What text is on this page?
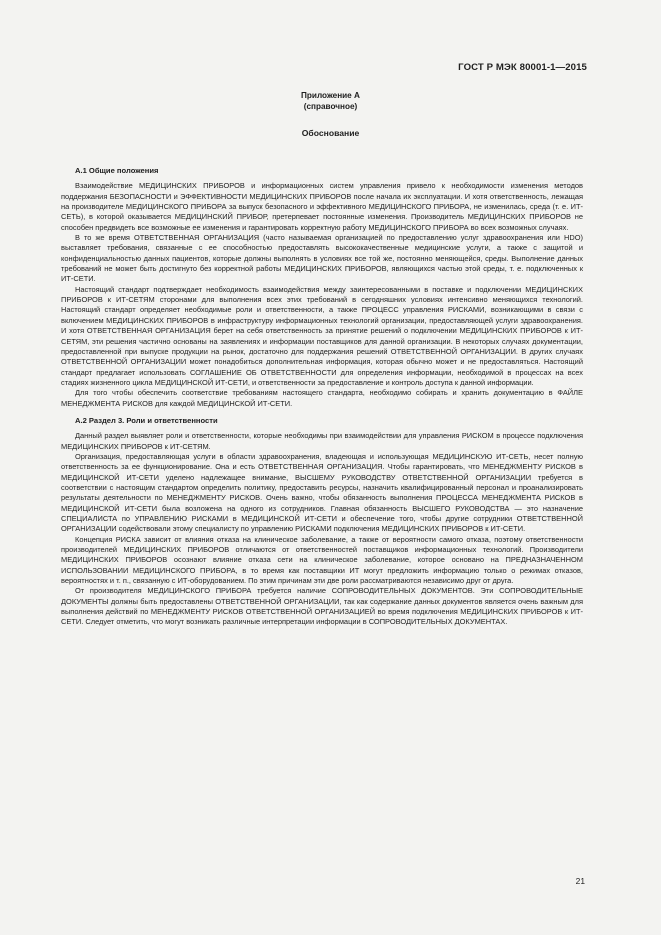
ГОСТ Р МЭК 80001-1—2015
Приложение А
(справочное)
Обоснование
А.1 Общие положения

Взаимодействие МЕДИЦИНСКИХ ПРИБОРОВ и информационных систем управления привело к необходимости изменения методов поддержания БЕЗОПАСНОСТИ и ЭФФЕКТИВНОСТИ МЕДИЦИНСКИХ ПРИБОРОВ после начала их эксплуатации. И хотя ответственность, лежащая на производителе МЕДИЦИНСКОГО ПРИБОРА за выпуск безопасного и эффективного МЕДИЦИНСКОГО ПРИБОРА, не изменилась, среда (т. е. ИТ-СЕТЬ), в которой оказывается МЕДИЦИНСКИЙ ПРИБОР, претерпевает постоянные изменения. Производитель МЕДИЦИНСКИХ ПРИБОРОВ не способен предвидеть все возможные ее изменения и гарантировать корректную работу МЕДИЦИНСКОГО ПРИБОРА во всех возможных случаях.

В то же время ОТВЕТСТВЕННАЯ ОРГАНИЗАЦИЯ (часто называемая организацией по предоставлению услуг здравоохранения или HDO) выставляет требования, связанные с ее способностью предоставлять высококачественные медицинские услуги, а также с защитой и конфиденциальностью данных пациентов, которые должны выполнять в условиях все той же, постоянно меняющейся, среды. Выполнение данных требований не может быть достигнуто без корректной работы МЕДИЦИНСКИХ ПРИБОРОВ, являющихся частью этой среды, т. е. подключенных к ИТ-СЕТИ.

Настоящий стандарт подтверждает необходимость взаимодействия между заинтересованными в поставке и подключении МЕДИЦИНСКИХ ПРИБОРОВ к ИТ-СЕТЯМ сторонами для выполнения всех этих требований в сегодняшних условиях интенсивно меняющихся технологий. Настоящий стандарт определяет необходимые роли и ответственности, а также ПРОЦЕСС управления РИСКАМИ, возникающими в связи с включением МЕДИЦИНСКИХ ПРИБОРОВ в инфраструктуру информационных технологий организации, предоставляющей услуги здравоохранения. И хотя ОТВЕТСТВЕННАЯ ОРГАНИЗАЦИЯ берет на себя ответственность за принятие решений о подключении МЕДИЦИНСКИХ ПРИБОРОВ к ИТ-СЕТЯМ, эти решения частично основаны на заявлениях и информации поставщиков для данной организации. В некоторых случаях документации, предоставленной при выпуске продукции на рынок, достаточно для поддержания решений ОТВЕТСТВЕННОЙ ОРГАНИЗАЦИИ. В других случаях ОТВЕТСТВЕННОЙ ОРГАНИЗАЦИИ может понадобиться дополнительная информация, которая обычно может и не предоставляться. Настоящий стандарт предлагает использовать СОГЛАШЕНИЕ ОБ ОТВЕТСТВЕННОСТИ для определения информации, необходимой в процессах на всех стадиях жизненного цикла МЕДИЦИНСКОЙ ИТ-СЕТИ, и ответственности за предоставление и контроль доступа к данной информации.

Для того чтобы обеспечить соответствие требованиям настоящего стандарта, необходимо собирать и хранить документацию в ФАЙЛЕ МЕНЕДЖМЕНТА РИСКОВ для каждой МЕДИЦИНСКОЙ ИТ-СЕТИ.

А.2 Раздел 3. Роли и ответственности

Данный раздел выявляет роли и ответственности, которые необходимы при взаимодействии для управления РИСКОМ в процессе подключения МЕДИЦИНСКИХ ПРИБОРОВ к ИТ-СЕТЯМ.

Организация, предоставляющая услуги в области здравоохранения, владеющая и использующая МЕДИЦИНСКУЮ ИТ-СЕТЬ, несет полную ответственность за ее функционирование. Она и есть ОТВЕТСТВЕННАЯ ОРГАНИЗАЦИЯ. Чтобы гарантировать, что МЕНЕДЖМЕНТУ РИСКОВ в МЕДИЦИНСКОЙ ИТ-СЕТИ уделено надлежащее внимание, ВЫСШЕМУ РУКОВОДСТВУ ОТВЕТСТВЕННОЙ ОРГАНИЗАЦИИ требуется в соответствии с настоящим стандартом определить политику, предоставить ресурсы, назначить квалифицированный персонал и проанализировать результаты деятельности по МЕНЕДЖМЕНТУ РИСКОВ. Очень важно, чтобы обязанность выполнения ПРОЦЕССА МЕНЕДЖМЕНТА РИСКОВ в МЕДИЦИНСКОЙ ИТ-СЕТИ была возложена на одного из сотрудников. Главная обязанность ВЫСШЕГО РУКОВОДСТВА — это назначение СПЕЦИАЛИСТА по УПРАВЛЕНИЮ РИСКАМИ в МЕДИЦИНСКОЙ ИТ-СЕТИ и обеспечение того, чтобы другие сотрудники ОТВЕТСТВЕННОЙ ОРГАНИЗАЦИИ содействовали этому специалисту по управлению РИСКАМИ подключения МЕДИЦИНСКИХ ПРИБОРОВ к ИТ-СЕТИ.

Концепция РИСКА зависит от влияния отказа на клиническое заболевание, а также от вероятности самого отказа, поэтому ответственности производителей МЕДИЦИНСКИХ ПРИБОРОВ отличаются от ответственностей поставщиков информационных технологий. Производители МЕДИЦИНСКИХ ПРИБОРОВ осознают влияние отказа сети на клиническое заболевание, которое основано на ПРЕДНАЗНАЧЕННОМ ИСПОЛЬЗОВАНИИ МЕДИЦИНСКОГО ПРИБОРА, в то время как поставщики ИТ могут предложить информацию только о режимах отказов, вероятностях и т. п., связанную с ИТ-оборудованием. По этим причинам эти две роли рассматриваются независимо друг от друга.

От производителя МЕДИЦИНСКОГО ПРИБОРА требуется наличие СОПРОВОДИТЕЛЬНЫХ ДОКУМЕНТОВ. Эти СОПРОВОДИТЕЛЬНЫЕ ДОКУМЕНТЫ должны быть предоставлены ОТВЕТСТВЕННОЙ ОРГАНИЗАЦИИ, так как содержание данных документов является очень важным для выполнения действий по МЕНЕДЖМЕНТУ РИСКОВ ОТВЕТСТВЕННОЙ ОРГАНИЗАЦИЕЙ во время подключения МЕДИЦИНСКИХ ПРИБОРОВ к ИТ-СЕТИ. Следует отметить, что могут возникать различные интерпретации информации в СОПРОВОДИТЕЛЬНЫХ ДОКУМЕНТАХ.

21
